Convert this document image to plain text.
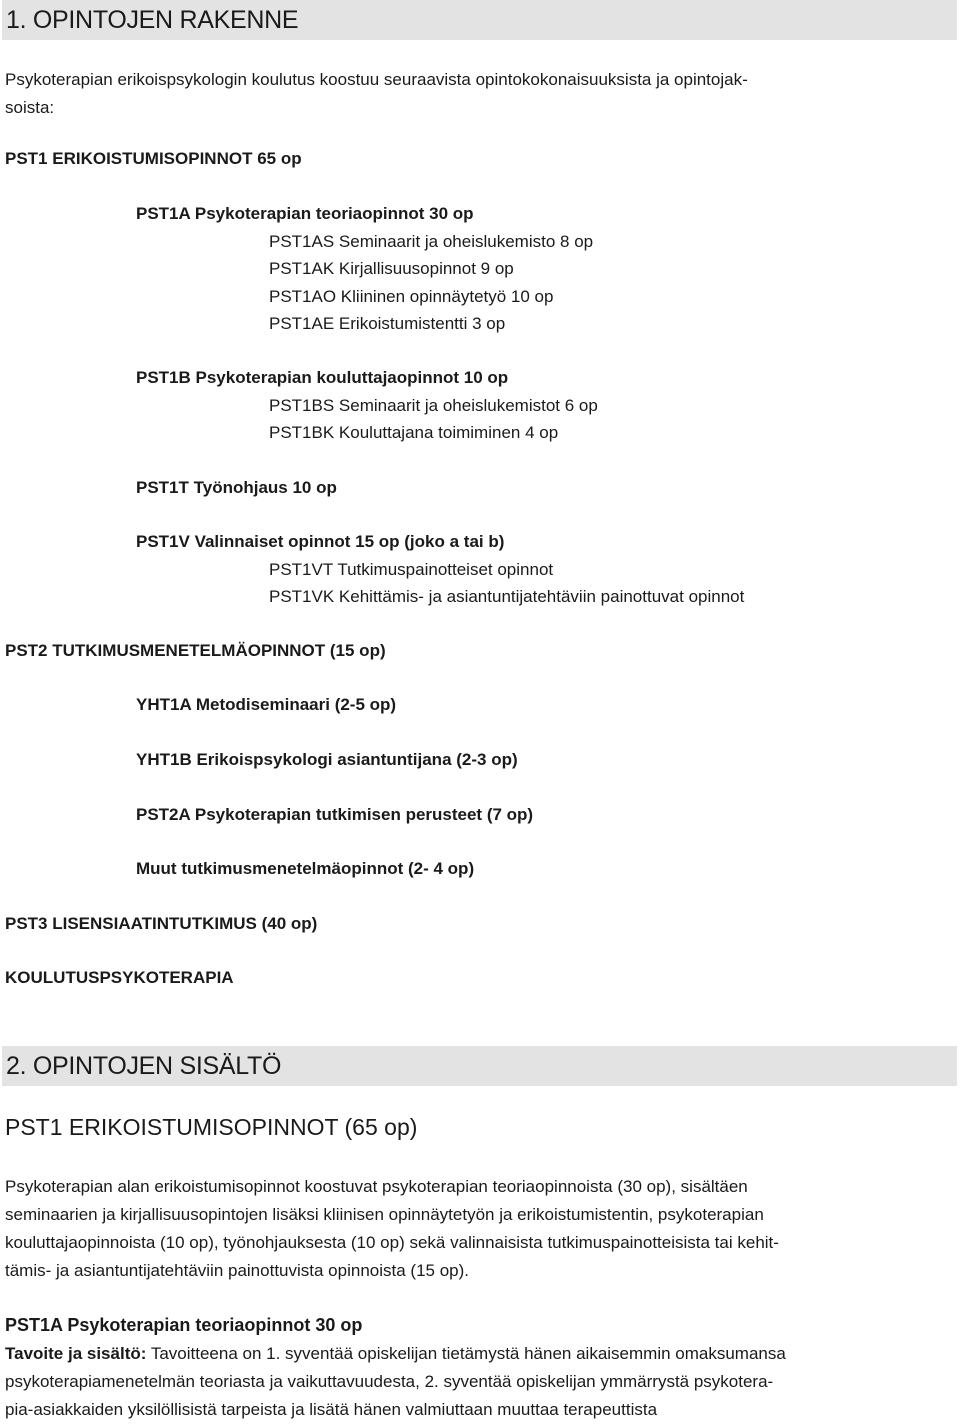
1. OPINTOJEN RAKENNE
Psykoterapian erikoispsykologin koulutus koostuu seuraavista opintokokonaisuuksista ja opintojak-
soista:
PST1 ERIKOISTUMISOPINNOT 65 op
PST1A Psykoterapian teoriaopinnot 30 op
PST1AS Seminaarit ja oheislukemisto 8 op
PST1AK Kirjallisuusopinnot 9 op
PST1AO Kliininen opinnäytetyö 10 op
PST1AE Erikoistumistentti 3 op
PST1B Psykoterapian kouluttajaopinnot 10 op
PST1BS Seminaarit ja oheislukemistot 6 op
PST1BK Kouluttajana toimiminen 4 op
PST1T Työnohjaus 10 op
PST1V Valinnaiset opinnot 15 op (joko a tai b)
PST1VT Tutkimuspainotteiset opinnot
PST1VK Kehittämis- ja asiantuntijatehtäviin painottuvat opinnot
PST2 TUTKIMUSMENETELMÄOPINNOT (15 op)
YHT1A Metodiseminaari (2-5 op)
YHT1B Erikoispsykologi asiantuntijana (2-3 op)
PST2A Psykoterapian tutkimisen perusteet (7 op)
Muut tutkimusmenetelmäopinnot (2- 4 op)
PST3 LISENSIAATINTUTKIMUS (40 op)
KOULUTUSPSYKOTERAPIA
2. OPINTOJEN SISÄLTÖ
PST1 ERIKOISTUMISOPINNOT (65 op)
Psykoterapian alan erikoistumisopinnot koostuvat psykoterapian teoriaopinnoista (30 op), sisältäen
seminaarien ja kirjallisuusopintojen lisäksi kliinisen opinnäytetyön ja erikoistumistentin, psykoterapian
kouluttajaopinnoista (10 op), työnohjauksesta (10 op) sekä valinnaisista tutkimuspainotteisista tai kehit-
tämis- ja asiantuntijatehtäviin painottuvista opinnoista (15 op).
PST1A Psykoterapian teoriaopinnot 30 op
Tavoite ja sisältö: Tavoitteena on 1. syventää opiskelijan tietämystä hänen aikaisemmin omaksumansa
psykoterapiamenetelmän teoriasta ja vaikuttavuudesta, 2. syventää opiskelijan ymmärrystä psykotera-
pia-asiakkaiden yksilöllisistä tarpeista ja lisätä hänen valmiuttaan muuttaa terapeuttista
